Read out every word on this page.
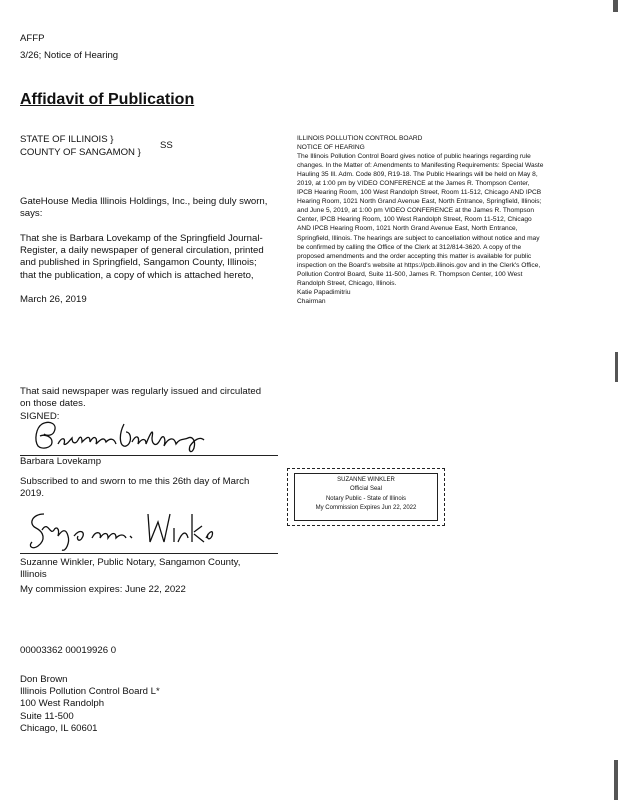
AFFP
3/26; Notice of Hearing
Affidavit of Publication
STATE OF ILLINOIS }
SS
COUNTY OF SANGAMON }
GateHouse Media Illinois Holdings, Inc., being duly sworn,
says:
That she is Barbara Lovekamp of the Springfield Journal-
Register, a daily newspaper of general circulation, printed
and published in Springfield, Sangamon County, Illinois;
that the publication, a copy of which is attached hereto,
March 26, 2019
That said newspaper was regularly issued and circulated
on those dates.
SIGNED:
Barbara Lovekamp
Subscribed to and sworn to me this 26th day of March
2019.
Suzanne Winkler, Public Notary, Sangamon County,
Illinois
My commission expires: June 22, 2022
00003362 00019926 0
Don Brown
Illinois Pollution Control Board L*
100 West Randolph
Suite 11-500
Chicago, IL 60601
ILLINOIS POLLUTION CONTROL BOARD
NOTICE OF HEARING
The Illinois Pollution Control Board gives notice of public hearings regarding rule
changes. In the Matter of: Amendments to Manifesting Requirements: Special Waste
Hauling 35 Ill. Adm. Code 809, R19-18. The Public Hearings will be held on May 8,
2019, at 1:00 pm by VIDEO CONFERENCE at the James R. Thompson Center,
IPCB Hearing Room, 100 West Randolph Street, Room 11-512, Chicago AND IPCB
Hearing Room, 1021 North Grand Avenue East, North Entrance, Springfield, Illinois;
and June 5, 2019, at 1:00 pm VIDEO CONFERENCE at the James R. Thompson
Center, IPCB Hearing Room, 100 West Randolph Street, Room 11-512, Chicago
AND IPCB Hearing Room, 1021 North Grand Avenue East, North Entrance,
Springfield, Illinois. The hearings are subject to cancellation without notice and may
be confirmed by calling the Office of the Clerk at 312/814-3620. A copy of the
proposed amendments and the order accepting this matter is available for public
inspection on the Board's website at https://pcb.illinois.gov and in the Clerk's Office,
Pollution Control Board, Suite 11-500, James R. Thompson Center, 100 West
Randolph Street, Chicago, Illinois.
Katie Papadimitriu
Chairman
SUZANNE WINKLER
Official Seal
Notary Public - State of Illinois
My Commission Expires Jun 22, 2022
